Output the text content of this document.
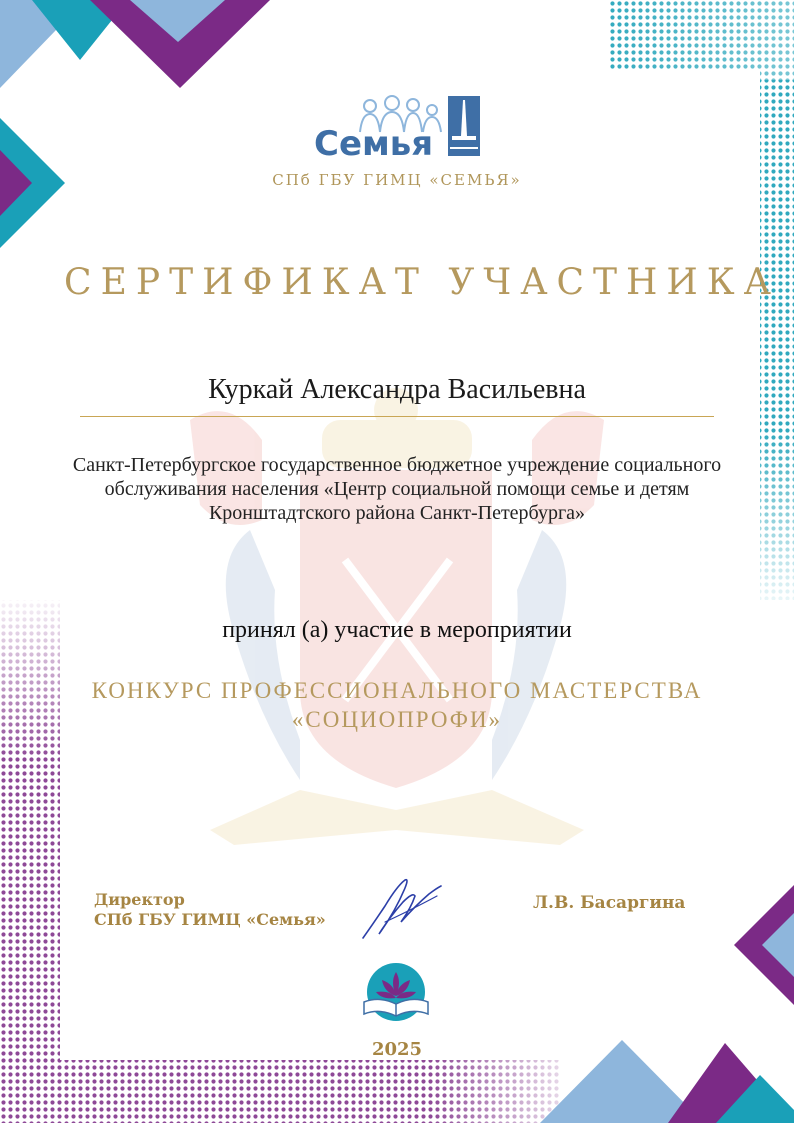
Семья
СПб ГБУ ГИМЦ «СЕМЬЯ»
СЕРТИФИКАТ УЧАСТНИКА
Куркай Александра Васильевна
Санкт-Петербургское государственное бюджетное учреждение социального обслуживания населения «Центр социальной помощи семье и детям Кронштадтского района Санкт-Петербурга»
принял (а) участие в мероприятии
КОНКУРС ПРОФЕССИОНАЛЬНОГО МАСТЕРСТВА
«СОЦИОПРОФИ»
Директор
СПб ГБУ ГИМЦ «Семья»
Л.В. Басаргина
2025
